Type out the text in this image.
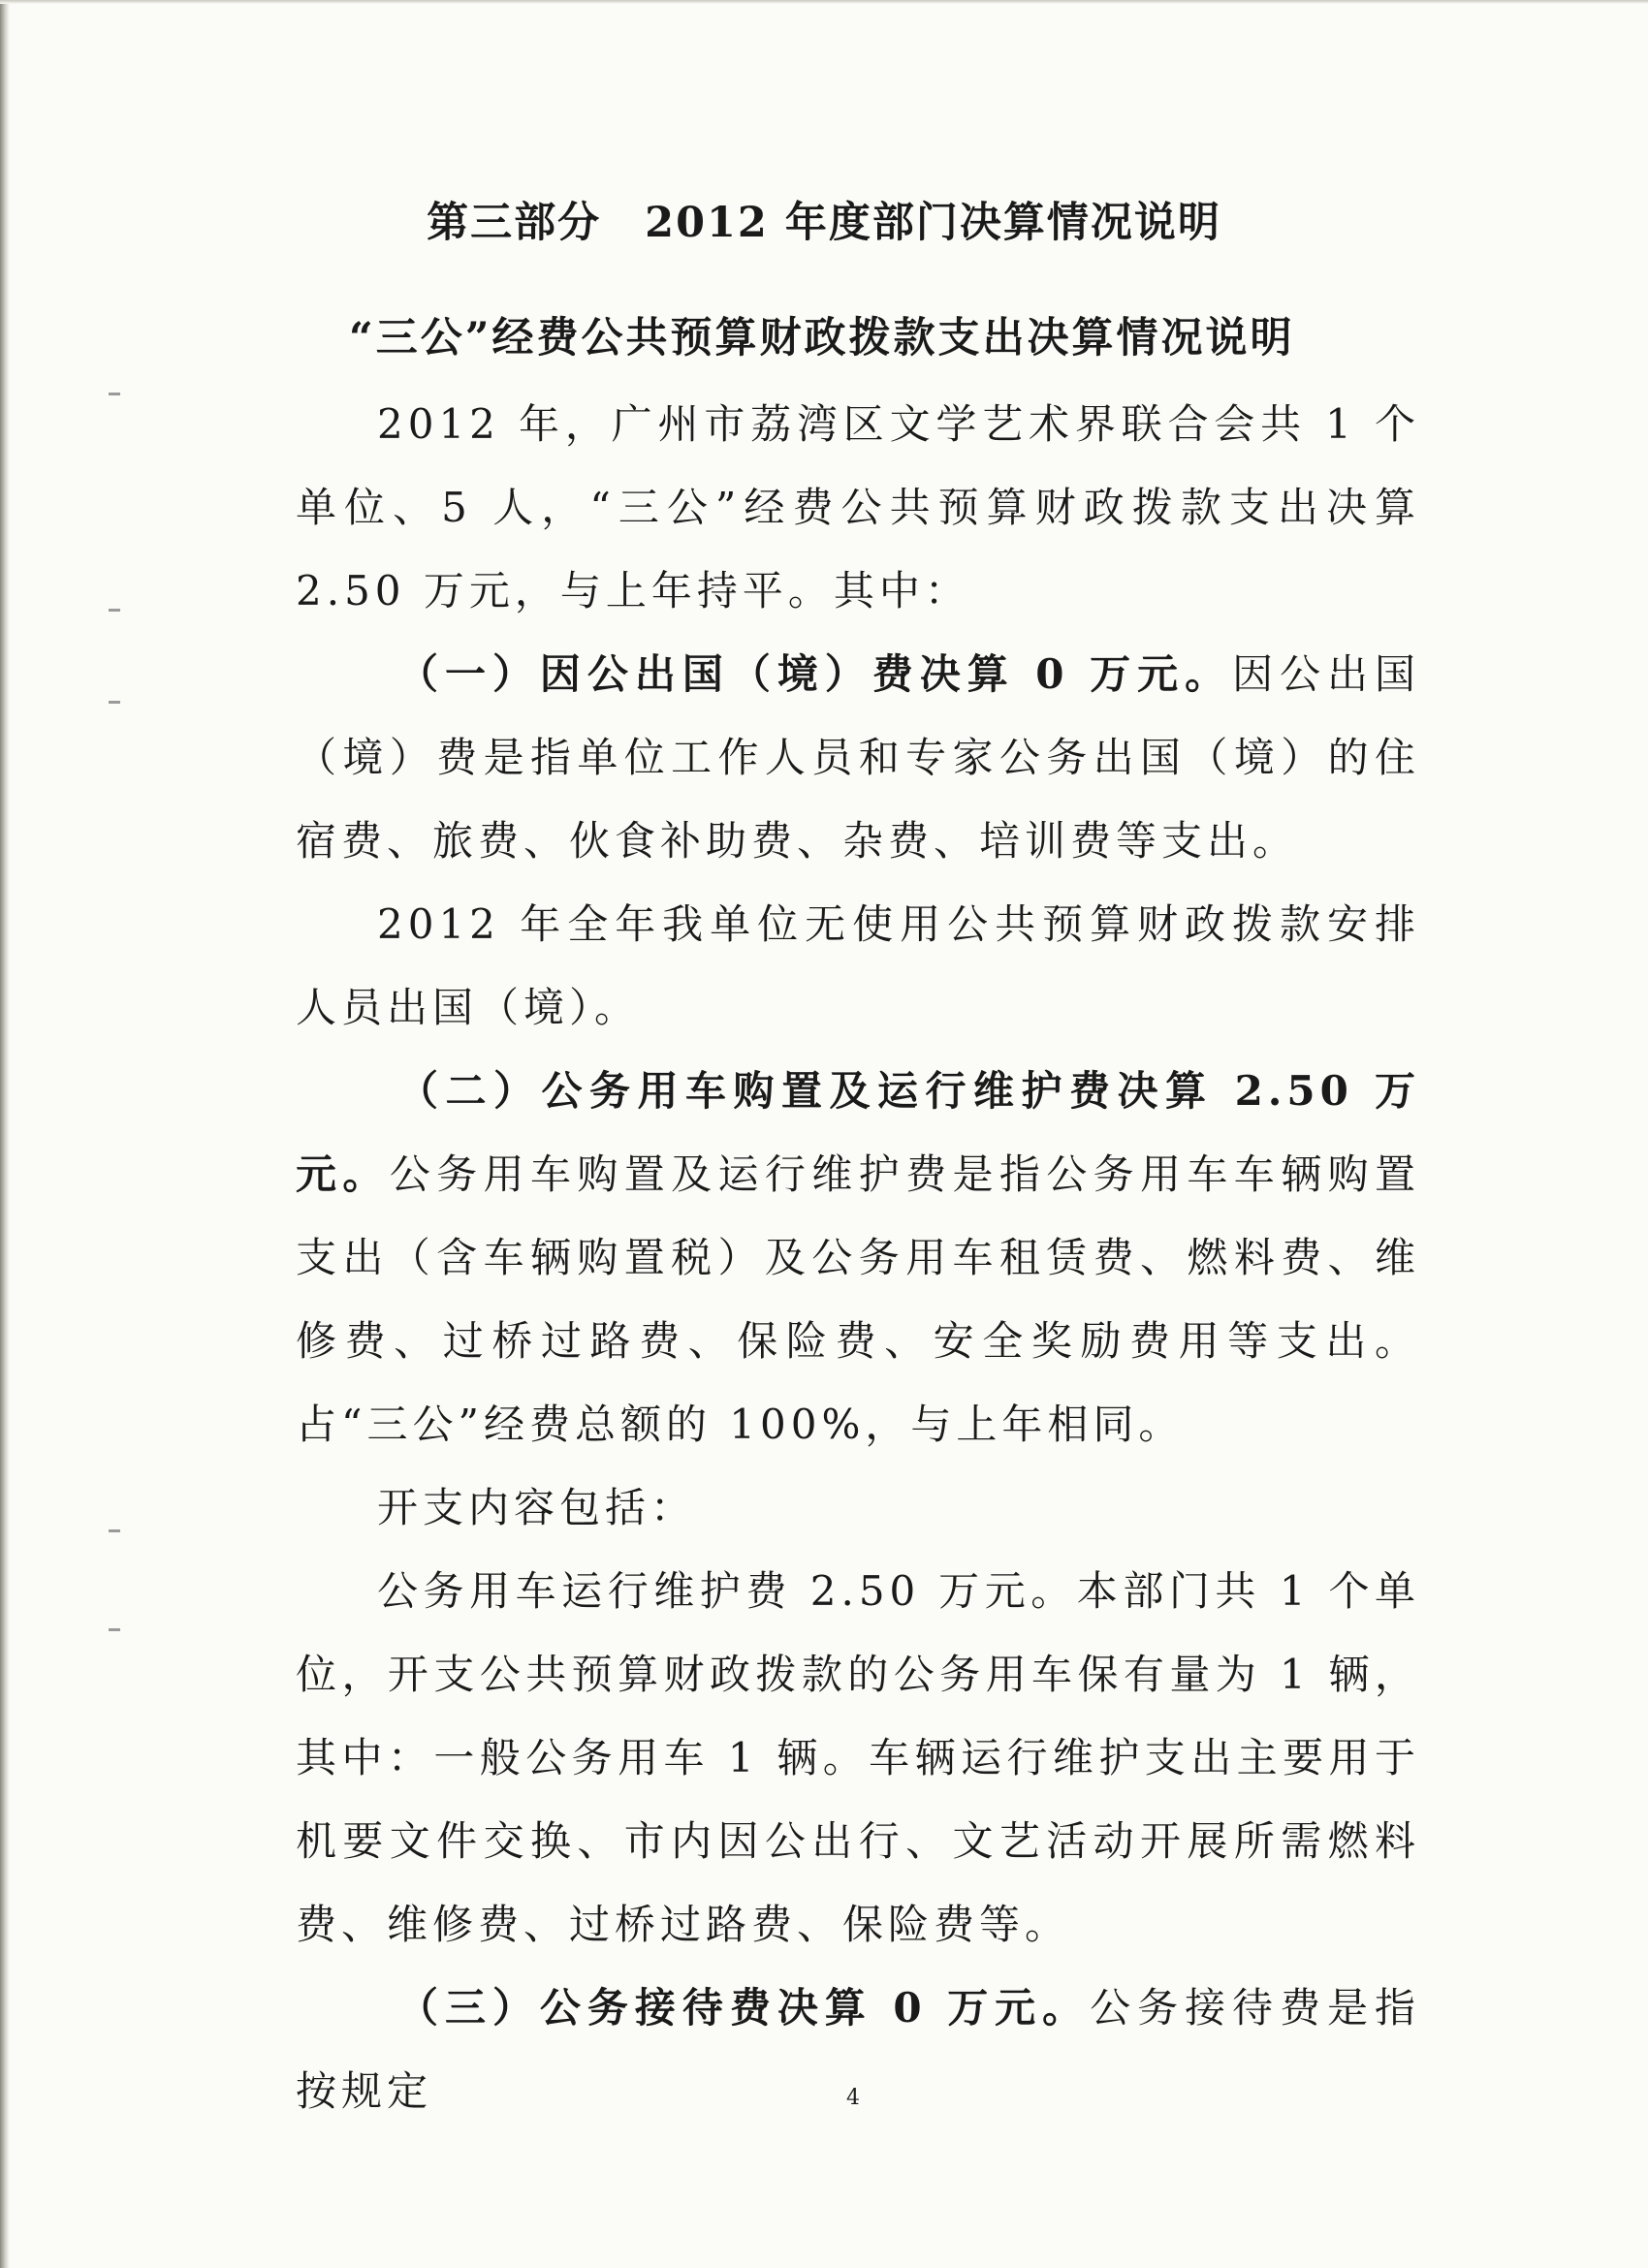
第三部分　2012 年度部门决算情况说明
“三公”经费公共预算财政拨款支出决算情况说明

2012 年，广州市荔湾区文学艺术界联合会共 1 个单位、5 人，“三公”经费公共预算财政拨款支出决算 2.50 万元，与上年持平。其中：

（一）因公出国（境）费决算 0 万元。因公出国（境）费是指单位工作人员和专家公务出国（境）的住宿费、旅费、伙食补助费、杂费、培训费等支出。

2012 年全年我单位无使用公共预算财政拨款安排人员出国（境）。

（二）公务用车购置及运行维护费决算 2.50 万元。公务用车购置及运行维护费是指公务用车车辆购置支出（含车辆购置税）及公务用车租赁费、燃料费、维修费、过桥过路费、保险费、安全奖励费用等支出。占“三公”经费总额的 100%，与上年相同。

开支内容包括：

公务用车运行维护费 2.50 万元。本部门共 1 个单位，开支公共预算财政拨款的公务用车保有量为 1 辆，其中：一般公务用车 1 辆。车辆运行维护支出主要用于机要文件交换、市内因公出行、文艺活动开展所需燃料费、维修费、过桥过路费、保险费等。

（三）公务接待费决算 0 万元。公务接待费是指按规定	4
